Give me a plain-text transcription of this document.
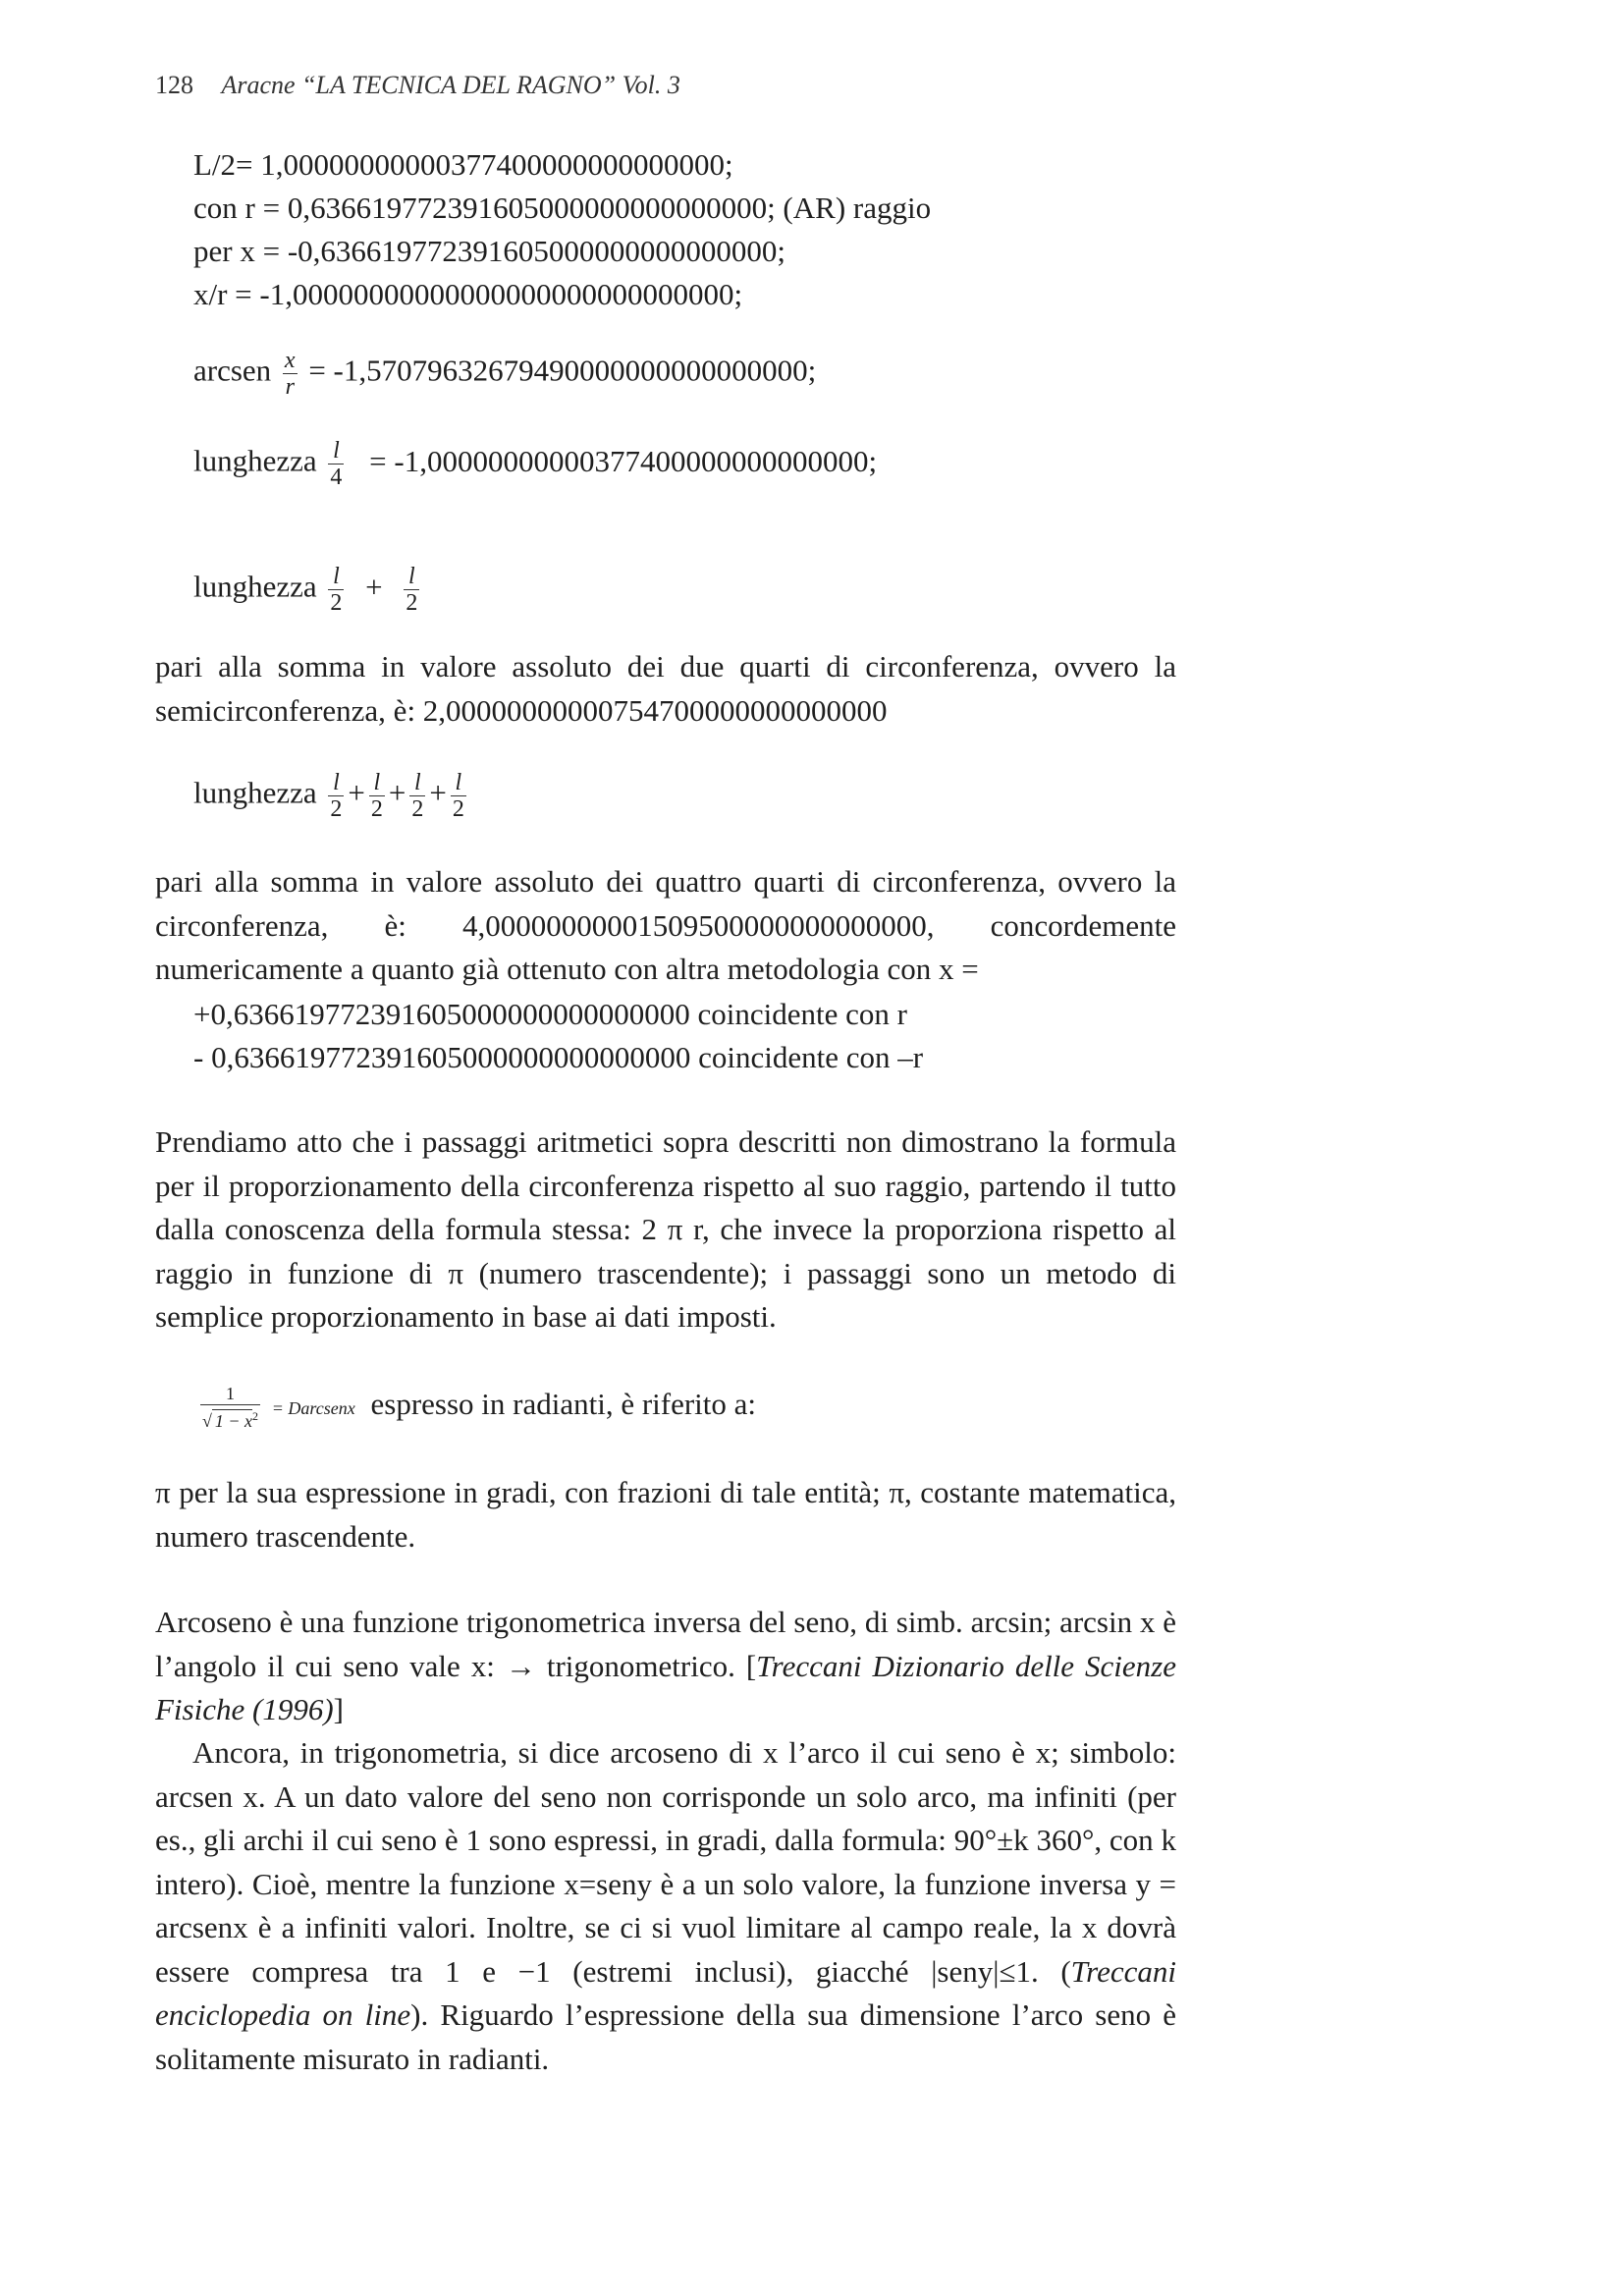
128 Aracne “LA TECNICA DEL RAGNO” Vol. 3
L/2= 1,00000000000377400000000000000;
con r = 0,636619772391605000000000000000; (AR) raggio
per x = -0,636619772391605000000000000000;
x/r = -1,00000000000000000000000000000;
arcsen $\frac{x}{r} = -1,57079632679490000000000000000$;
lunghezza $\frac{l}{4} = -1,00000000000377400000000000000$;
lunghezza $\frac{l}{2} + \frac{l}{2}$

pari alla somma in valore assoluto dei due quarti di circonferenza, ovvero la semicirconferenza, è: 2,00000000000754700000000000000

lunghezza $\frac{l}{2} + \frac{l}{2} + \frac{l}{2} + \frac{l}{2}$

pari alla somma in valore assoluto dei quattro quarti di circonferenza, ovvero la circonferenza, è: 4,00000000001509500000000000000, concordemente numericamente a quanto già ottenuto con altra metodologia con x =

+0,636619772391605000000000000000 coincidente con r
- 0,636619772391605000000000000000 coincidente con –r

Prendiamo atto che i passaggi aritmetici sopra descritti non dimostrano la formula per il proporzionamento della circonferenza rispetto al suo raggio, partendo il tutto dalla conoscenza della formula stessa: 2 π r, che invece la proporziona rispetto al raggio in funzione di π (numero trascendente); i passaggi sono un metodo di semplice proporzionamento in base ai dati imposti.

$\frac{1}{√ 1 - x^2}$ = Darcsenx espresso in radianti, è riferito a:

π per la sua espressione in gradi, con frazioni di tale entità; π, costante matematica, numero trascendente.

Arcoseno è una funzione trigonometrica inversa del seno, di simb. arcsin; arcsin x è l’angolo il cui seno vale x: → trigonometrico. [Treccani Dizionario delle Scienze Fisiche (1996)]

Ancora, in trigonometria, si dice arcoseno di x l’arco il cui seno è x; simbolo: arcsen x. A un dato valore del seno non corrisponde un solo arco, ma infiniti (per es., gli archi il cui seno è 1 sono espressi, in gradi, dalla formula: 90°±k 360°, con k intero). Cioè, mentre la funzione x=seny è a un solo valore, la funzione inversa y = arcsenx è a infiniti valori. Inoltre, se ci si vuol limitare al campo reale, la x dovrà essere compresa tra 1 e −1 (estremi inclusi), giacché |seny|≤1. (Treccani enciclopedia on line). Riguardo l’espressione della sua dimensione l’arco seno è solitamente misurato in radianti.
